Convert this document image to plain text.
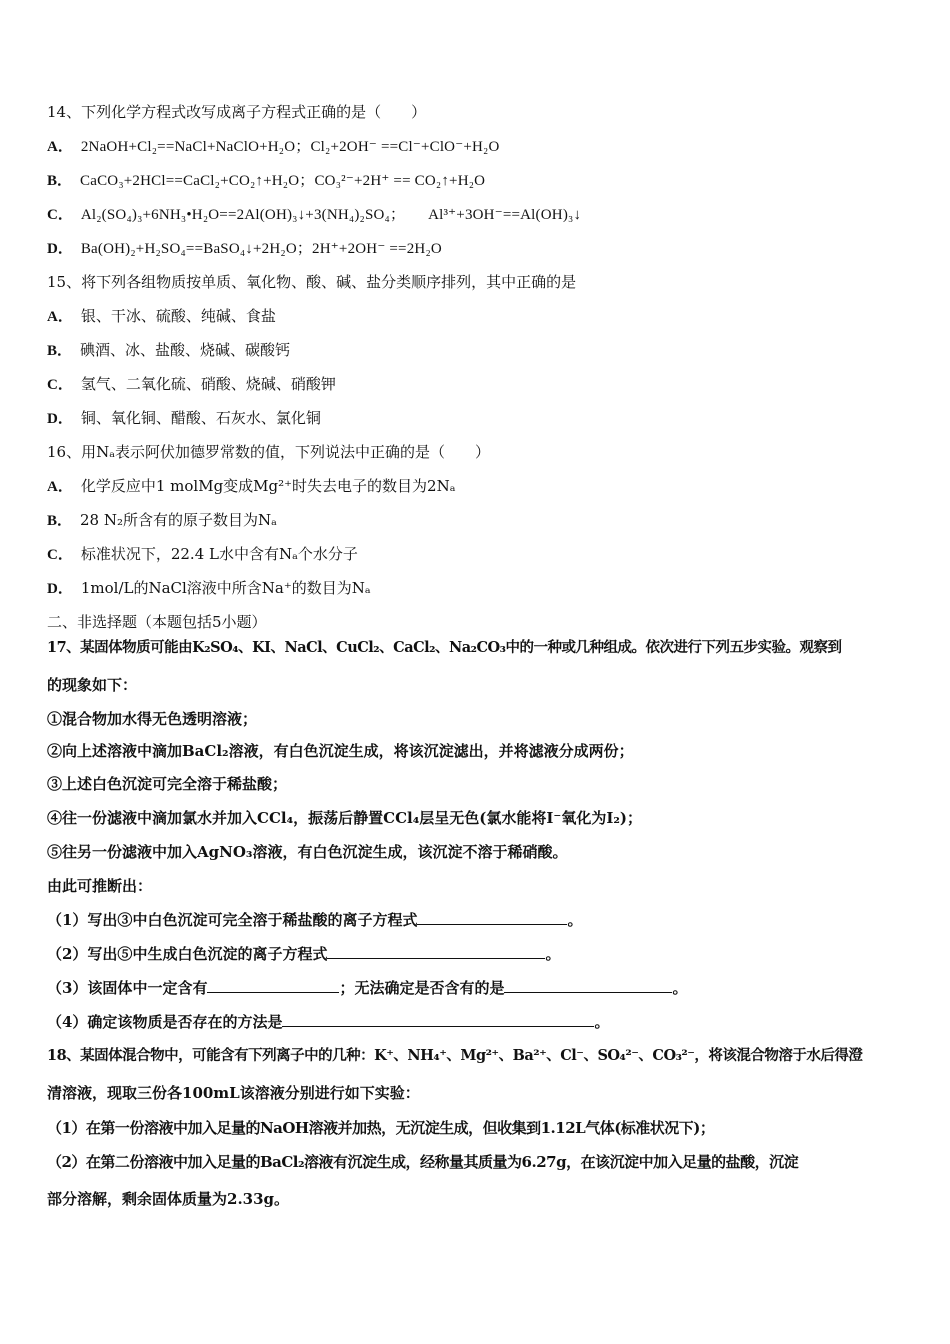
14、下列化学方程式改写成离子方程式正确的是（　　）
A． 2NaOH+Cl₂==NaCl+NaClO+H₂O；Cl₂+2OH⁻ ==Cl⁻+ClO⁻+H₂O
B． CaCO₃+2HCl==CaCl₂+CO₂↑+H₂O；CO₃²⁻+2H⁺ == CO₂↑+H₂O
C． Al₂(SO₄)₃+6NH₃•H₂O==2Al(OH)₃↓+3(NH₄)₂SO₄；　　Al³⁺+3OH⁻==Al(OH)₃↓
D． Ba(OH)₂+H₂SO₄==BaSO₄↓+2H₂O；2H⁺+2OH⁻ ==2H₂O
15、将下列各组物质按单质、氧化物、酸、碱、盐分类顺序排列，其中正确的是
A． 银、干冰、硫酸、纯碱、食盐
B． 碘酒、冰、盐酸、烧碱、碳酸钙
C． 氢气、二氧化硫、硝酸、烧碱、硝酸钾
D． 铜、氧化铜、醋酸、石灰水、氯化铜
16、用Nₐ表示阿伏加德罗常数的值，下列说法中正确的是（　　）
A． 化学反应中1 molMg变成Mg²⁺时失去电子的数目为2Nₐ
B． 28 N₂所含有的原子数目为Nₐ
C． 标准状况下，22.4 L水中含有Nₐ个水分子
D． 1mol/L的NaCl溶液中所含Na⁺的数目为Nₐ
二、非选择题（本题包括5小题）
17、某固体物质可能由K₂SO₄、KI、NaCl、CuCl₂、CaCl₂、Na₂CO₃中的一种或几种组成。依次进行下列五步实验。观察到
的现象如下：
①混合物加水得无色透明溶液；
②向上述溶液中滴加BaCl₂溶液，有白色沉淀生成，将该沉淀滤出，并将滤液分成两份；
③上述白色沉淀可完全溶于稀盐酸；
④往一份滤液中滴加氯水并加入CCl₄，振荡后静置CCl₄层呈无色(氯水能将I⁻氧化为I₂)；
⑤往另一份滤液中加入AgNO₃溶液，有白色沉淀生成，该沉淀不溶于稀硝酸。
由此可推断出：
（1）写出③中白色沉淀可完全溶于稀盐酸的离子方程式	。
（2）写出⑤中生成白色沉淀的离子方程式	。
（3）该固体中一定含有	；无法确定是否含有的是	。
（4）确定该物质是否存在的方法是	。
18、某固体混合物中，可能含有下列离子中的几种：K⁺、NH₄⁺、Mg²⁺、Ba²⁺、Cl⁻、SO₄²⁻、CO₃²⁻，将该混合物溶于水后得澄
清溶液，现取三份各100mL该溶液分别进行如下实验：
（1）在第一份溶液中加入足量的NaOH溶液并加热，无沉淀生成，但收集到1.12L气体(标准状况下)；
（2）在第二份溶液中加入足量的BaCl₂溶液有沉淀生成，经称量其质量为6.27g，在该沉淀中加入足量的盐酸，沉淀
部分溶解，剩余固体质量为2.33g。
